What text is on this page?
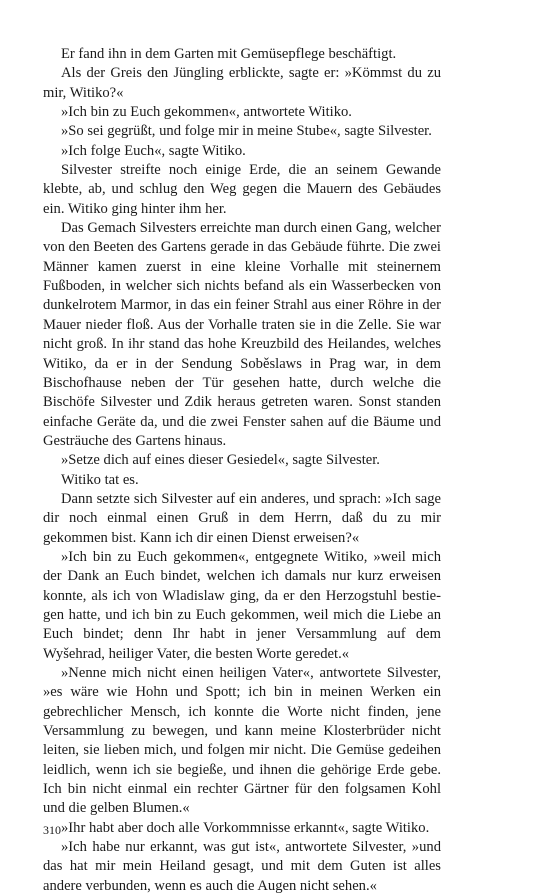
Er fand ihn in dem Garten mit Gemüsepflege beschäftigt.

Als der Greis den Jüngling erblickte, sagte er: »Kömmst du zu mir, Witiko?«

»Ich bin zu Euch gekommen«, antwortete Witiko.

»So sei gegrüßt, und folge mir in meine Stube«, sagte Silvester.

»Ich folge Euch«, sagte Witiko.

Silvester streifte noch einige Erde, die an seinem Gewande klebte, ab, und schlug den Weg gegen die Mauern des Gebäudes ein. Witiko ging hinter ihm her.

Das Gemach Silvesters erreichte man durch einen Gang, welcher von den Beeten des Gartens gerade in das Gebäude führte. Die zwei Männer kamen zuerst in eine kleine Vorhalle mit steinernem Fußboden, in welcher sich nichts befand als ein Wasserbecken von dunkelrotem Marmor, in das ein feiner Strahl aus einer Röhre in der Mauer nieder floß. Aus der Vorhalle traten sie in die Zelle. Sie war nicht groß. In ihr stand das hohe Kreuzbild des Heilandes, welches Witiko, da er in der Sendung Soběslaws in Prag war, in dem Bischofhause neben der Tür gesehen hatte, durch welche die Bischöfe Silvester und Zdik heraus getreten waren. Sonst standen einfache Geräte da, und die zwei Fenster sahen auf die Bäume und Gesträuche des Gartens hinaus.

»Setze dich auf eines dieser Gesiedel«, sagte Silvester.

Witiko tat es.

Dann setzte sich Silvester auf ein anderes, und sprach: »Ich sage dir noch einmal einen Gruß in dem Herrn, daß du zu mir gekommen bist. Kann ich dir einen Dienst erweisen?«

»Ich bin zu Euch gekommen«, entgegnete Witiko, »weil mich der Dank an Euch bindet, welchen ich damals nur kurz erweisen konnte, als ich von Wladislaw ging, da er den Herzogstuhl bestiegen hatte, und ich bin zu Euch gekommen, weil mich die Liebe an Euch bindet; denn Ihr habt in jener Versammlung auf dem Wyšehrad, heiliger Vater, die besten Worte geredet.«

»Nenne mich nicht einen heiligen Vater«, antwortete Silvester, »es wäre wie Hohn und Spott; ich bin in meinen Werken ein gebrechlicher Mensch, ich konnte die Worte nicht finden, jene Versammlung zu bewegen, und kann meine Klosterbrüder nicht leiten, sie lieben mich, und folgen mir nicht. Die Gemüse gedeihen leidlich, wenn ich sie begieße, und ihnen die gehörige Erde gebe. Ich bin nicht einmal ein rechter Gärtner für den folgsamen Kohl und die gelben Blumen.«

»Ihr habt aber doch alle Vorkommnisse erkannt«, sagte Witiko.

»Ich habe nur erkannt, was gut ist«, antwortete Silvester, »und das hat mir mein Heiland gesagt, und mit dem Guten ist alles andere verbunden, wenn es auch die Augen nicht sehen.«

310
